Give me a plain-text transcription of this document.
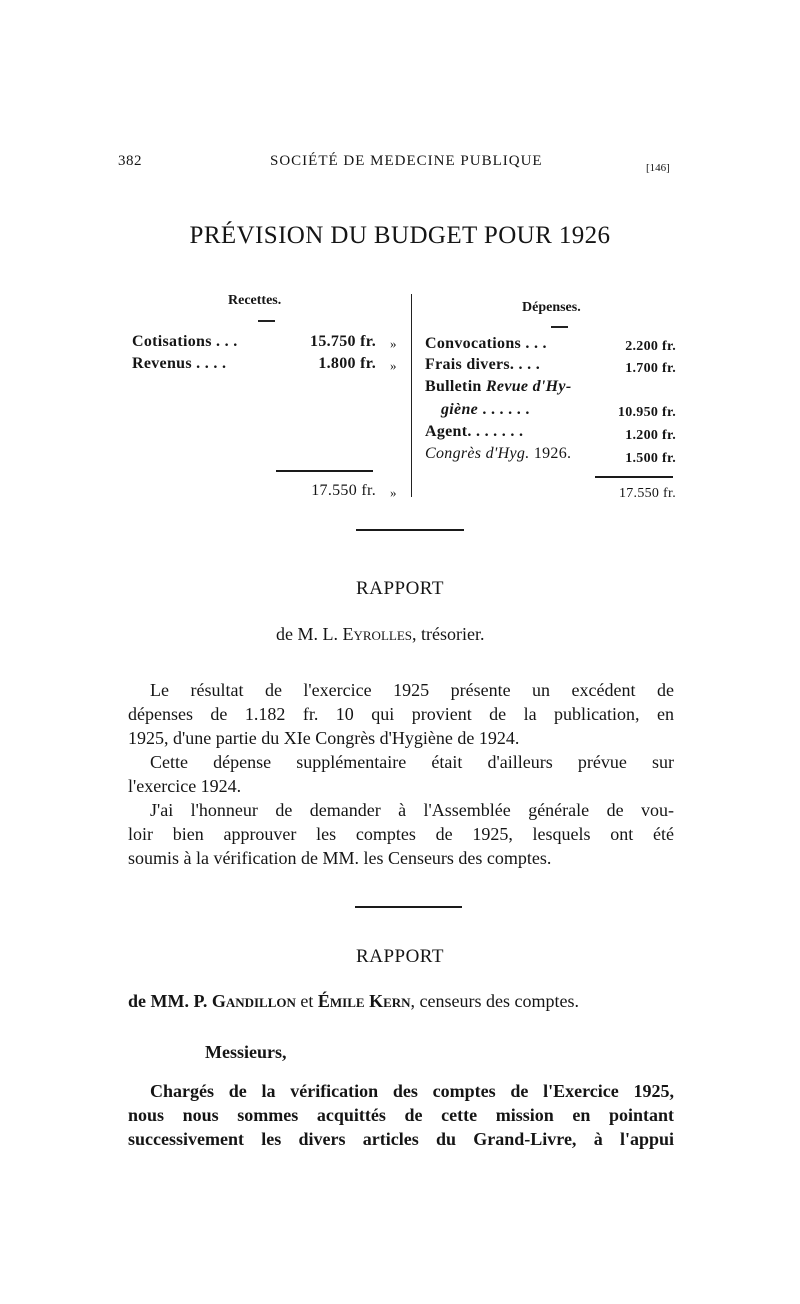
382	SOCIÉTÉ DE MEDECINE PUBLIQUE	[146]
PRÉVISION DU BUDGET POUR 1926
Recettes.	Dépenses.
Cotisations . . .	15.750 fr. »
Revenus . . . .	1.800 fr. »
Convocations . . .	2.200 fr.
Frais divers. . . .	1.700 fr.
Bulletin Revue d'Hy-
giène . . . . . .	10.950 fr.
Agent. . . . . . .	1.200 fr.
Congrès d'Hyg. 1926.	1.500 fr.
17.550 fr. »	17.550 fr.
RAPPORT
de M. L. Eyrolles, trésorier.

Le résultat de l'exercice 1925 présente un excédent de

dépenses de 1.182 fr. 10 qui provient de la publication, en

1925, d'une partie du XIe Congrès d'Hygiène de 1924.

Cette dépense supplémentaire était d'ailleurs prévue sur

l'exercice 1924.

J'ai l'honneur de demander à l'Assemblée générale de vou-

loir bien approuver les comptes de 1925, lesquels ont été

soumis à la vérification de MM. les Censeurs des comptes.

RAPPORT
de MM. P. Gandillon et Émile Kern, censeurs des comptes.
Messieurs,

Chargés de la vérification des comptes de l'Exercice 1925,

nous nous sommes acquittés de cette mission en pointant

successivement les divers articles du Grand-Livre, à l'appui
